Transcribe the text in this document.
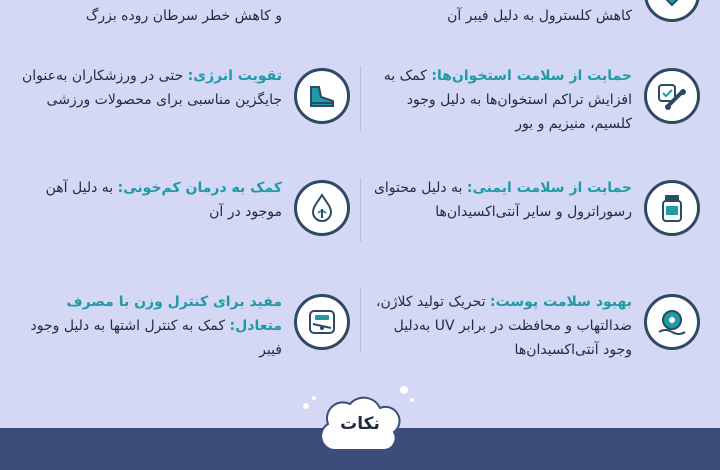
کاهش کلسترول به دلیل فیبر آن
و کاهش خطر سرطان روده بزرگ
حمایت از سلامت استخوان‌ها: کمک به افزایش تراکم استخوان‌ها به دلیل وجود کلسیم، منیزیم و بور
تقویت انرژی: حتی در ورزشکاران به‌عنوان جایگزین مناسبی برای محصولات ورزشی
حمایت از سلامت ایمنی: به دلیل محتوای رسوراترول و سایر آنتی‌اکسیدان‌ها
کمک به درمان کم‌خونی: به دلیل آهن موجود در آن
بهبود سلامت پوست: تحریک تولید کلاژن، ضدالتهاب و محافظت در برابر UV به‌دلیل وجود آنتی‌اکسیدان‌ها
مفید برای کنترل وزن با مصرف متعادل: کمک به کنترل اشتها به دلیل وجود فیبر
نکات
